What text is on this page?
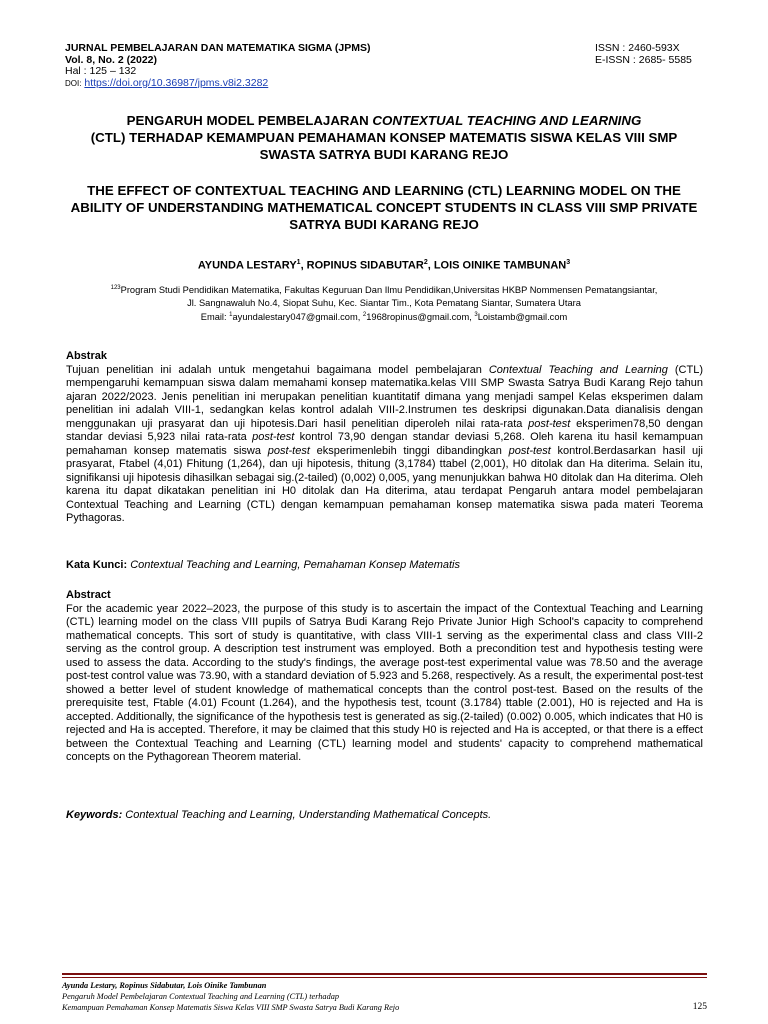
JURNAL PEMBELAJARAN DAN MATEMATIKA SIGMA (JPMS)	ISSN : 2460-593X
Vol. 8, No. 2 (2022)	E-ISSN : 2685- 5585
Hal : 125 – 132
DOI: https://doi.org/10.36987/jpms.v8i2.3282
PENGARUH MODEL PEMBELAJARAN CONTEXTUAL TEACHING AND LEARNING
(CTL) TERHADAP KEMAMPUAN PEMAHAMAN KONSEP MATEMATIS SISWA KELAS VIII SMP SWASTA SATRYA BUDI KARANG REJO
THE EFFECT OF CONTEXTUAL TEACHING AND LEARNING (CTL) LEARNING MODEL ON THE ABILITY OF UNDERSTANDING MATHEMATICAL CONCEPT STUDENTS IN CLASS VIII SMP PRIVATE SATRYA BUDI KARANG REJO
AYUNDA LESTARY$^1$, ROPINUS SIDABUTAR$^2$, LOIS OINIKE TAMBUNAN$^3$
$^{123}$Program Studi Pendidikan Matematika, Fakultas Keguruan Dan Ilmu Pendidikan,Universitas HKBP Nommensen Pematangsiantar,
Jl. Sangnawaluh No.4, Siopat Suhu, Kec. Siantar Tim., Kota Pematang Siantar, Sumatera Utara
Email: $^1$ayundalestary047@gmail.com, $^2$1968ropinus@gmail.com, $^3$Loistamb@gmail.com
Abstrak
Tujuan penelitian ini adalah untuk mengetahui bagaimana model pembelajaran Contextual Teaching and Learning (CTL) mempengaruhi kemampuan siswa dalam memahami konsep matematika.kelas VIII SMP Swasta Satrya Budi Karang Rejo tahun ajaran 2022/2023. Jenis penelitian ini merupakan penelitian kuantitatif dimana yang menjadi sampel Kelas eksperimen dalam penelitian ini adalah VIII-1, sedangkan kelas kontrol adalah VIII-2.Instrumen tes deskripsi digunakan.Data dianalisis dengan menggunakan uji prasyarat dan uji hipotesis.Dari hasil penelitian diperoleh nilai rata-rata post-test eksperimen78,50 dengan standar deviasi 5,923 nilai rata-rata post-test kontrol 73,90 dengan standar deviasi 5,268. Oleh karena itu hasil kemampuan pemahaman konsep matematis siswa post-test eksperimenlebih tinggi dibandingkan post-test kontrol.Berdasarkan hasil uji prasyarat, Ftabel (4,01) Fhitung (1,264), dan uji hipotesis, thitung (3,1784) ttabel (2,001), H0 ditolak dan Ha diterima. Selain itu, signifikansi uji hipotesis dihasilkan sebagai sig.(2-tailed) (0,002) 0,005, yang menunjukkan bahwa H0 ditolak dan Ha diterima. Oleh karena itu dapat dikatakan penelitian ini H0 ditolak dan Ha diterima, atau terdapat Pengaruh antara model pembelajaran Contextual Teaching and Learning (CTL) dengan kemampuan pemahaman konsep matematika siswa pada materi Teorema Pythagoras.
Kata Kunci: Contextual Teaching and Learning, Pemahaman Konsep Matematis
Abstract
For the academic year 2022–2023, the purpose of this study is to ascertain the impact of the Contextual Teaching and Learning (CTL) learning model on the class VIII pupils of Satrya Budi Karang Rejo Private Junior High School's capacity to comprehend mathematical concepts. This sort of study is quantitative, with class VIII-1 serving as the experimental class and class VIII-2 serving as the control group. A description test instrument was employed. Both a precondition test and hypothesis testing were used to assess the data. According to the study's findings, the average post-test experimental value was 78.50 and the average post-test control value was 73.90, with a standard deviation of 5.923 and 5.268, respectively. As a result, the experimental post-test showed a better level of student knowledge of mathematical concepts than the control post-test. Based on the results of the prerequisite test, Ftable (4.01) Fcount (1.264), and the hypothesis test, tcount (3.1784) ttable (2.001), H0 is rejected and Ha is accepted. Additionally, the significance of the hypothesis test is generated as sig.(2-tailed) (0.002) 0.005, which indicates that H0 is rejected and Ha is accepted. Therefore, it may be claimed that this study H0 is rejected and Ha is accepted, or that there is a effect between the Contextual Teaching and Learning (CTL) learning model and students' capacity to comprehend mathematical concepts on the Pythagorean Theorem material.
Keywords: Contextual Teaching and Learning, Understanding Mathematical Concepts.
Ayunda Lestary, Ropinus Sidabutar, Lois Oinike Tambunan
Pengaruh Model Pembelajaran Contextual Teaching and Learning (CTL) terhadap
Kemampuan Pemahaman Konsep Matematis Siswa Kelas VIII SMP Swasta Satrya Budi Karang Rejo	125
